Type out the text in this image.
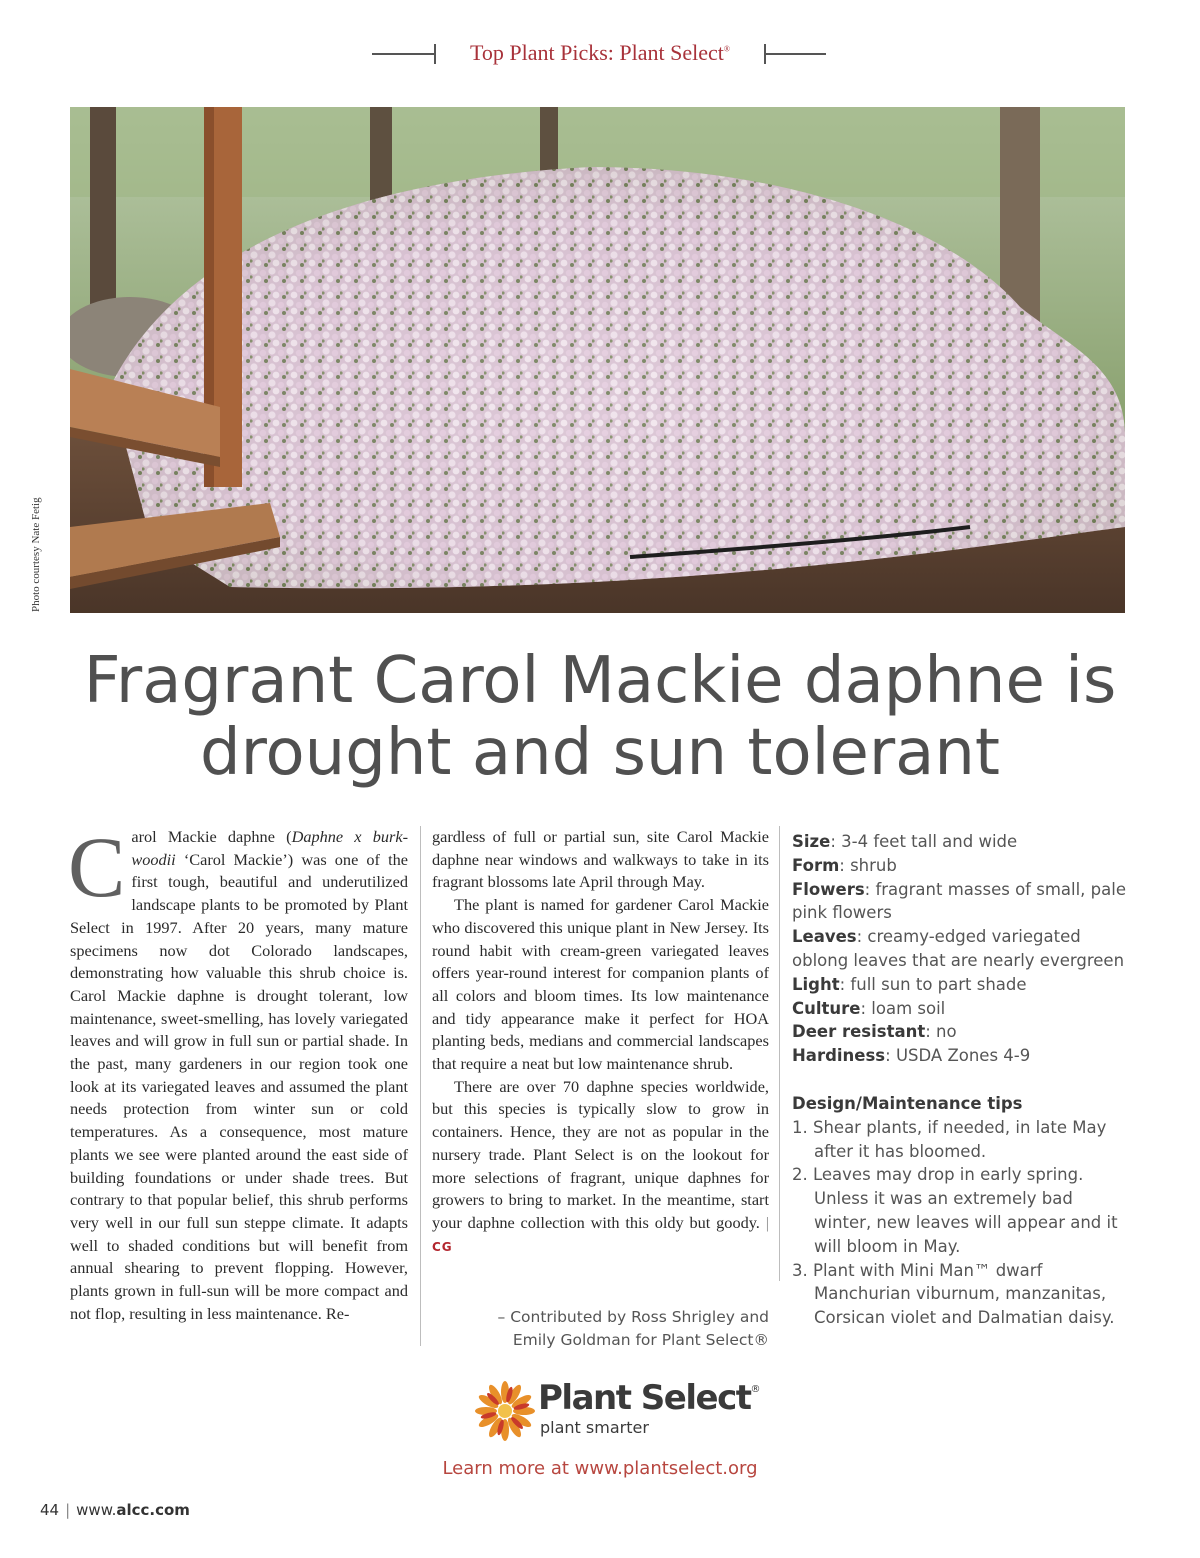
Top Plant Picks: Plant Select®
Photo courtesy Nate Fetig
Fragrant Carol Mackie daphne is
drought and sun tolerant

Carol Mackie daphne (Daphne x burk-woodii ‘Carol Mackie’) was one of the first tough, beautiful and underutilized landscape plants to be promoted by Plant Select in 1997. After 20 years, many mature specimens now dot Colorado landscapes, demonstrating how valuable this shrub choice is. Carol Mackie daphne is drought tolerant, low maintenance, sweet-smelling, has lovely variegated leaves and will grow in full sun or partial shade. In the past, many gardeners in our region took one look at its variegated leaves and assumed the plant needs protection from winter sun or cold temperatures. As a consequence, most mature plants we see were planted around the east side of building foundations or under shade trees. But contrary to that popular belief, this shrub performs very well in our full sun steppe climate. It adapts well to shaded conditions but will benefit from annual shearing to prevent flopping. However, plants grown in full-sun will be more compact and not flop, resulting in less maintenance. Re-

gardless of full or partial sun, site Carol Mackie daphne near windows and walkways to take in its fragrant blossoms late April through May.

The plant is named for gardener Carol Mackie who discovered this unique plant in New Jersey. Its round habit with cream-green variegated leaves offers year-round interest for companion plants of all colors and bloom times. Its low maintenance and tidy appearance make it perfect for HOA planting beds, medians and commercial landscapes that require a neat but low maintenance shrub.

There are over 70 daphne species worldwide, but this species is typically slow to grow in containers. Hence, they are not as popular in the nursery trade. Plant Select is on the lookout for more selections of fragrant, unique daphnes for growers to bring to market. In the meantime, start your daphne collection with this oldy but goody. | CG

– Contributed by Ross Shrigley and
Emily Goldman for Plant Select®
Size: 3-4 feet tall and wide
Form: shrub
Flowers: fragrant masses of small, pale pink flowers
Leaves: creamy-edged variegated oblong leaves that are nearly evergreen
Light: full sun to part shade
Culture: loam soil
Deer resistant: no
Hardiness: USDA Zones 4-9
Design/Maintenance tips
1. Shear plants, if needed, in late May after it has bloomed.
2. Leaves may drop in early spring. Unless it was an extremely bad winter, new leaves will appear and it will bloom in May.
3. Plant with Mini Man™ dwarf Manchurian viburnum, manzanitas, Corsican violet and Dalmatian daisy.
Plant Select®
plant smarter
Learn more at www.plantselect.org
44 | www.alcc.com
